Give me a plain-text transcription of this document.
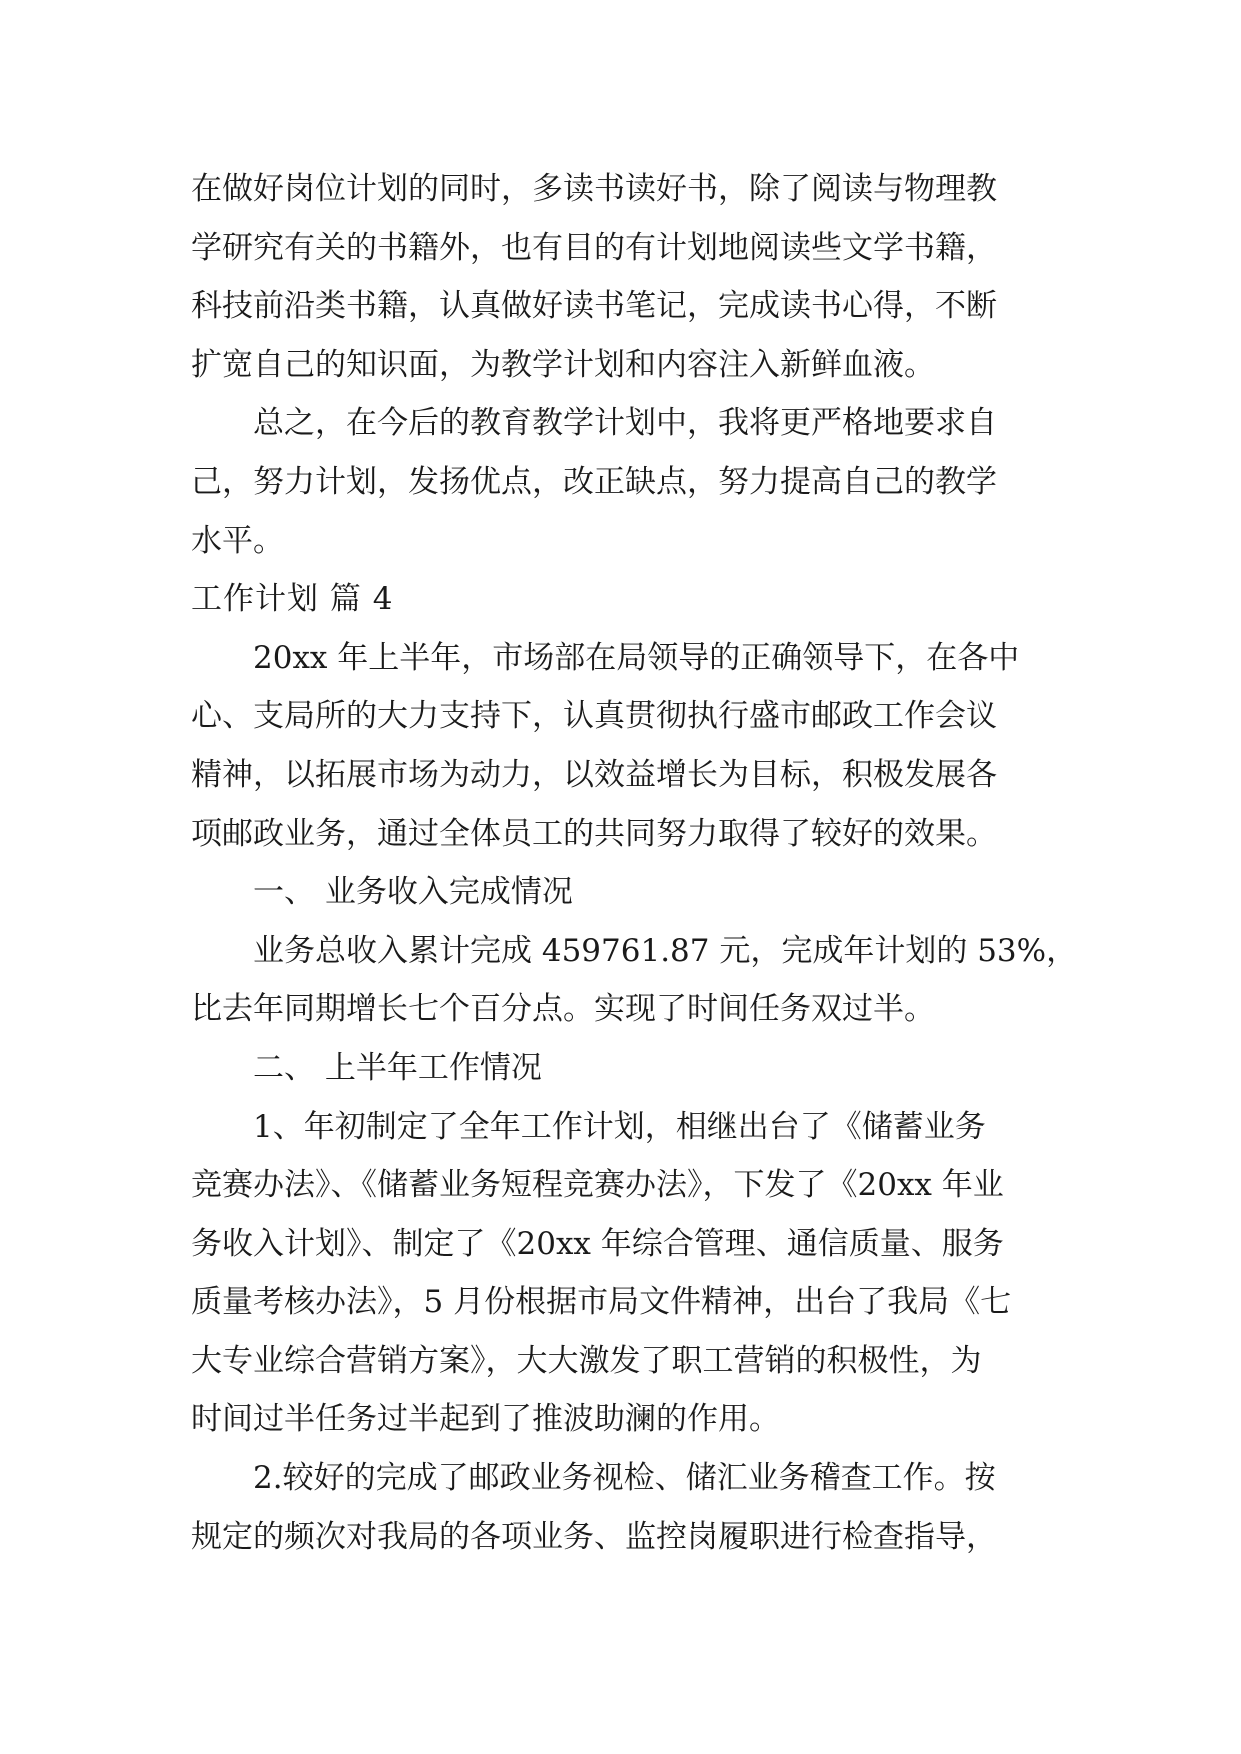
在做好岗位计划的同时，多读书读好书，除了阅读与物理教
学研究有关的书籍外，也有目的有计划地阅读些文学书籍，
科技前沿类书籍，认真做好读书笔记，完成读书心得，不断
扩宽自己的知识面，为教学计划和内容注入新鲜血液。
总之，在今后的教育教学计划中，我将更严格地要求自
己，努力计划，发扬优点，改正缺点，努力提高自己的教学
水平。
工作计划 篇 4
20xx 年上半年，市场部在局领导的正确领导下，在各中
心、支局所的大力支持下，认真贯彻执行盛市邮政工作会议
精神，以拓展市场为动力，以效益增长为目标，积极发展各
项邮政业务，通过全体员工的共同努力取得了较好的效果。
一、 业务收入完成情况
业务总收入累计完成 459761.87 元，完成年计划的 53%，
比去年同期增长七个百分点。实现了时间任务双过半。
二、 上半年工作情况
1、年初制定了全年工作计划，相继出台了《储蓄业务
竞赛办法》、《储蓄业务短程竞赛办法》，下发了《20xx 年业
务收入计划》、制定了《20xx 年综合管理、通信质量、服务
质量考核办法》，5 月份根据市局文件精神，出台了我局《七
大专业综合营销方案》，大大激发了职工营销的积极性，为
时间过半任务过半起到了推波助澜的作用。
2.较好的完成了邮政业务视检、储汇业务稽查工作。按
规定的频次对我局的各项业务、监控岗履职进行检查指导，
